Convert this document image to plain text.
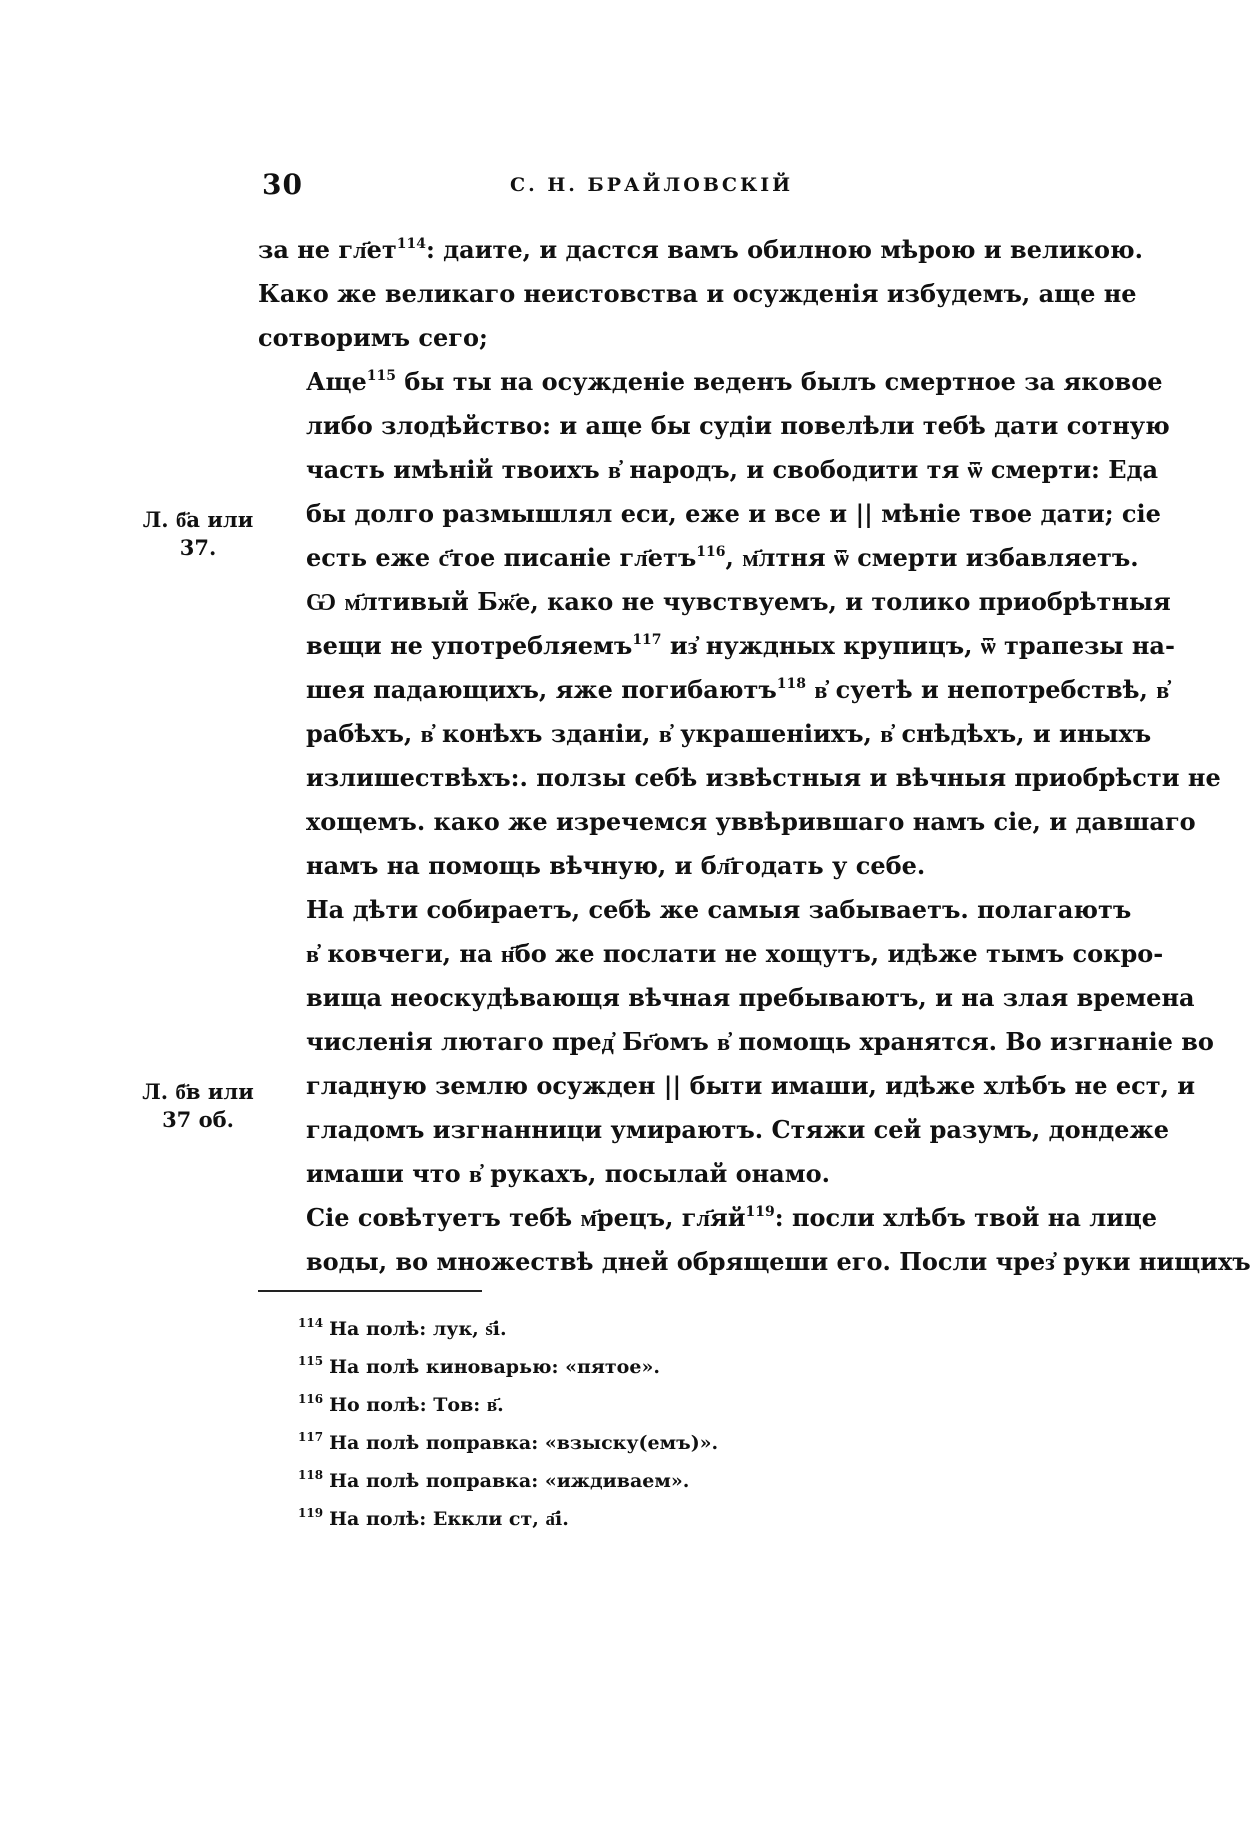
30	С. Н. БРАЙЛОВСКІЙ
Л. б҃а или
37.
Л. б҃в или
37 об.

за не гл҃ет$^{114}$: даите, и дастся вамъ обилною мѣрою и великою.
Како же великаго неистовства и осужденія избудемъ, аще не
сотворимъ сего;

Аще$^{115}$ бы ты на осужденіе веденъ былъ смертное за яковое
либо злодѣйство: и аще бы судіи повелѣли тебѣ дати сотную
часть имѣній твоихъ в҆ народъ, и свободити тя ѿ смерти: Еда
бы долго размышлял еси, еже и все и || мѣніе твое дати; сіе
есть еже с҃тое писаніе гл҃етъ$^{116}$, м҃лтня ѿ смерти избавляетъ.

Ѡ м҃лтивый Бж҃е, како не чувствуемъ, и толико приобрѣтныя
вещи не употребляемъ$^{117}$ из҆ нуждных крупицъ, ѿ трапезы на-
шея падающихъ, яже погибаютъ$^{118}$ в҆ суетѣ и непотребствѣ, в҆
рабѣхъ, в҆ конѣхъ зданіи, в҆ украшеніихъ, в҆ снѣдѣхъ, и иныхъ
излишествѣхъ:. ползы себѣ извѣстныя и вѣчныя приобрѣсти не
хощемъ. како же изречемся уввѣрившаго намъ сіе, и давшаго
намъ на помощь вѣчную, и бл҃годать у себе.

На дѣти собираетъ, себѣ же самыя забываетъ. полагаютъ
в҆ ковчеги, на н҃бо же послати не хощутъ, идѣже тымъ сокро-
вища неоскудѣвающя вѣчная пребываютъ, и на злая времена
численія лютаго пред҆ Бг҃омъ в҆ помощь хранятся. Во изгнаніе во
гладную землю осужден || быти имаши, идѣже хлѣбъ не ест, и
гладомъ изгнанници умираютъ. Стяжи сей разумъ, дондеже
имаши что в҆ рукахъ, посылай онамо.

Сіе совѣтуетъ тебѣ м҃рецъ, гл҃яй$^{119}$: посли хлѣбъ твой на лице
воды, во множествѣ дней обрящеши его. Посли чрез҆ руки нищихъ

$^{114}$ На полѣ: лук, ѕ҃і.
$^{115}$ На полѣ киноварью: «пятое».
$^{116}$ Но полѣ: Тов: в҃.
$^{117}$ На полѣ поправка: «взыску(емъ)».
$^{118}$ На полѣ поправка: «иждиваем».
$^{119}$ На полѣ: Еккли ст, а҃і.
